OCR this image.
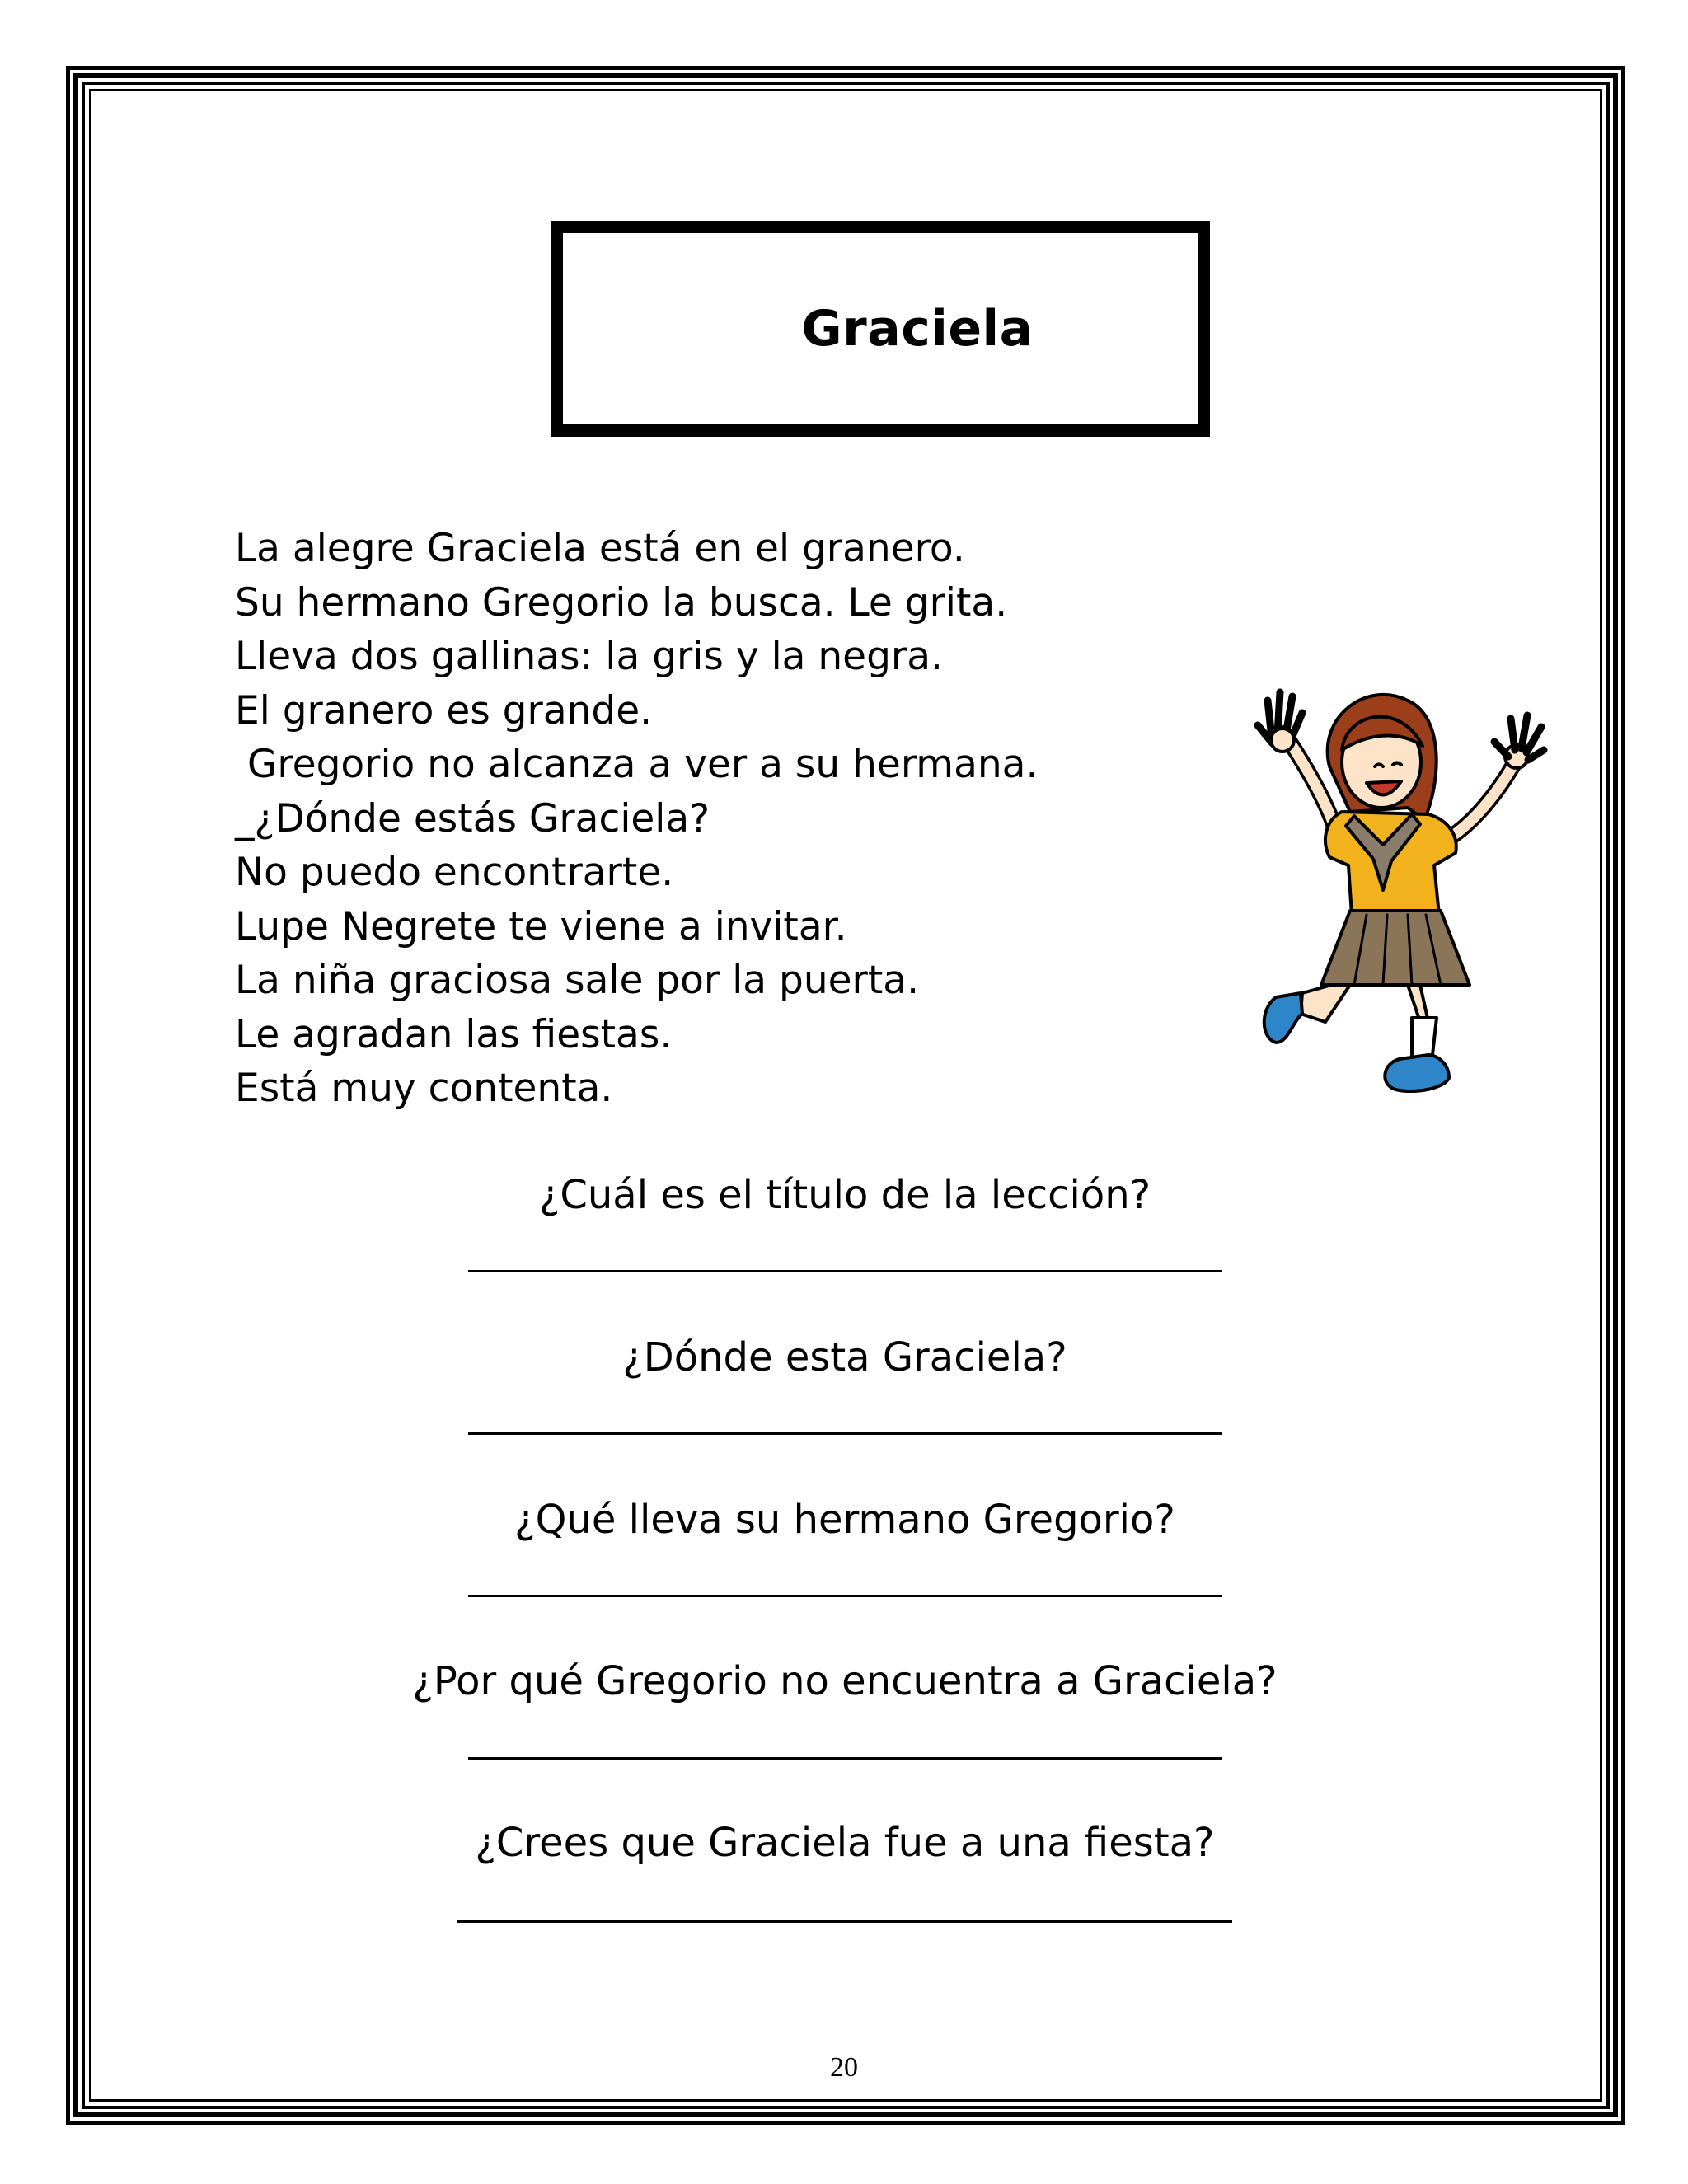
Graciela
La alegre Graciela está en el granero.
Su hermano Gregorio la busca. Le grita.
Lleva dos gallinas: la gris y la negra.
El granero es grande.
Gregorio no alcanza a ver a su hermana.
_¿Dónde estás Graciela?
No puedo encontrarte.
Lupe Negrete te viene a invitar.
La niña graciosa sale por la puerta.
Le agradan las fiestas.
Está muy contenta.
¿Cuál es el título de la lección?
¿Dónde esta Graciela?
¿Qué lleva su hermano Gregorio?
¿Por qué Gregorio no encuentra a Graciela?
¿Crees que Graciela fue a una fiesta?
20
